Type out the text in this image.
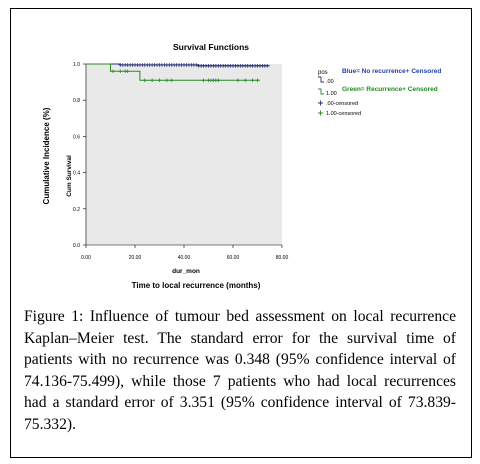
Survival Functions
Cumulative Incidence (%) Cum Survival
dur_mon
Time to local recurrence (months)
pos Blue= No recurrence+ Censored
Green= Recurrence+ Censored
0.0
0.2
0.4
0.6
0.8
1.0
0.00	20.00	40.00	60.00	80.00
.00
1.00
.00-censored
1.00-censored
Figure 1: Influence of tumour bed assessment on local recurrence Kaplan–Meier test. The standard error for the survival time of patients with no recurrence was 0.348 (95% confidence interval of 74.136-75.499), while those 7 patients who had local recurrences had a standard error of 3.351 (95% confidence interval of 73.839-75.332).
